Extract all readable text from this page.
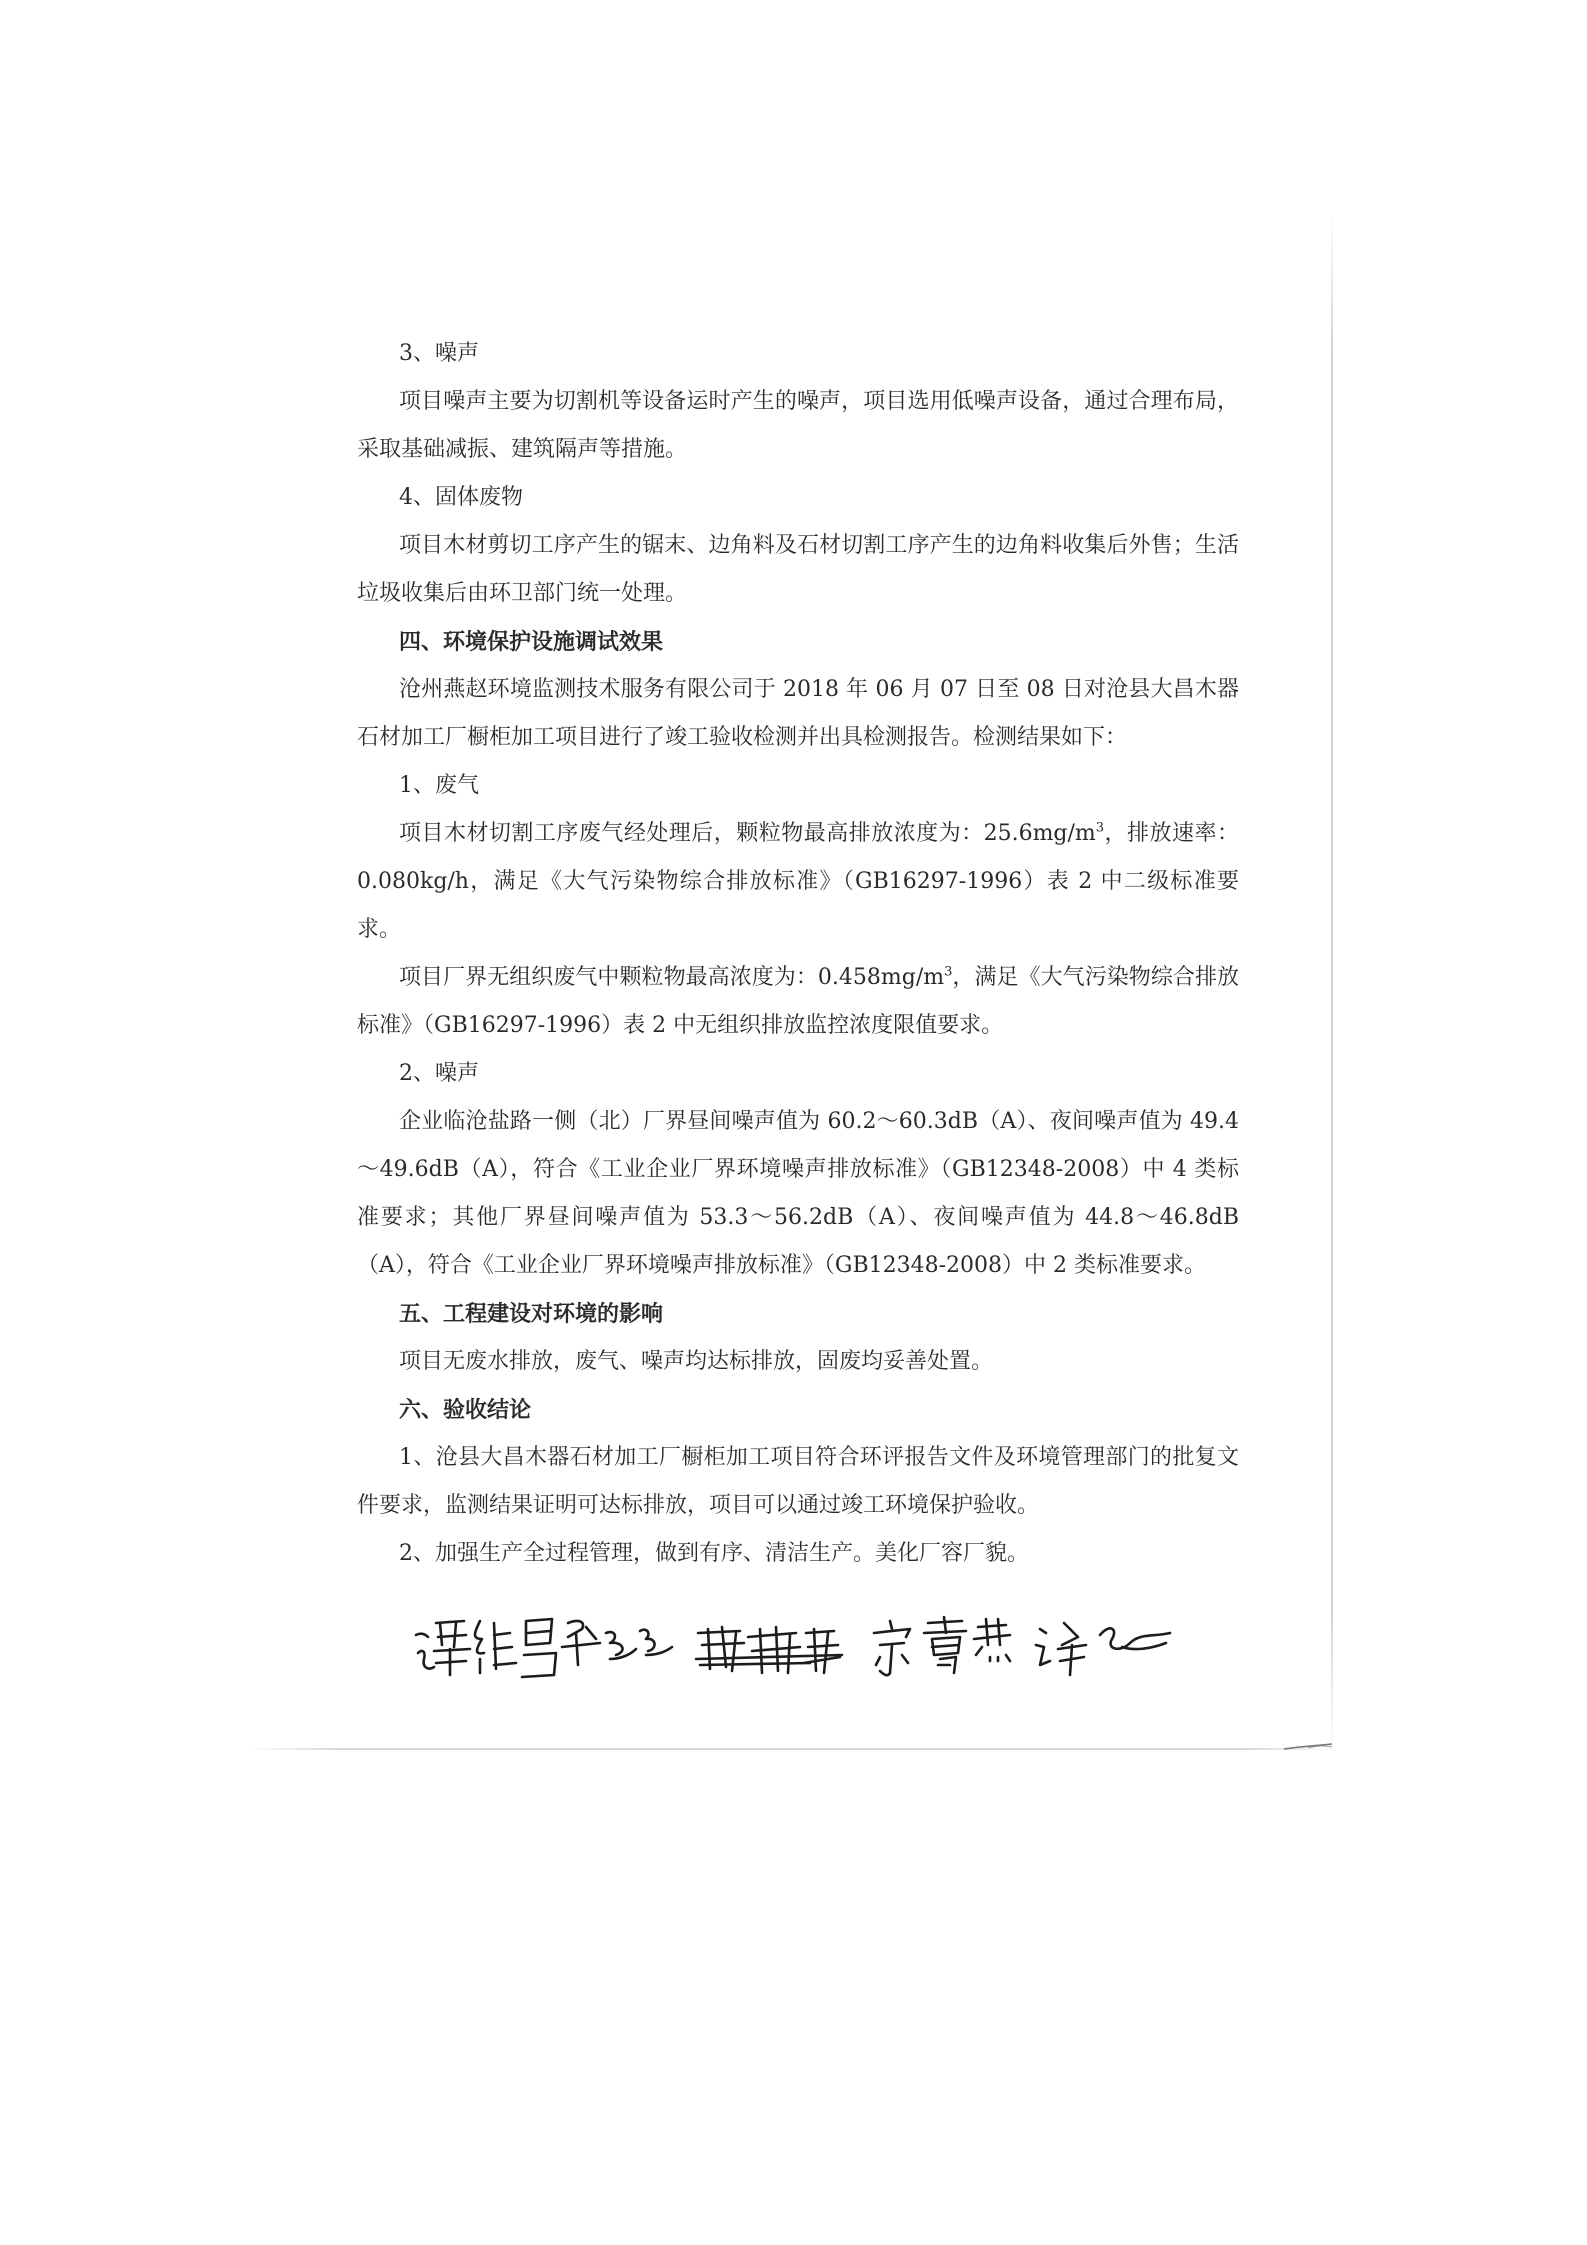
3、噪声

项目噪声主要为切割机等设备运时产生的噪声，项目选用低噪声设备，通过合理布局，采取基础减振、建筑隔声等措施。

4、固体废物

项目木材剪切工序产生的锯末、边角料及石材切割工序产生的边角料收集后外售；生活垃圾收集后由环卫部门统一处理。

四、环境保护设施调试效果

沧州燕赵环境监测技术服务有限公司于 2018 年 06 月 07 日至 08 日对沧县大昌木器石材加工厂橱柜加工项目进行了竣工验收检测并出具检测报告。检测结果如下：

1、废气

项目木材切割工序废气经处理后，颗粒物最高排放浓度为：$25.6mg/m^3$，排放速率：0.080kg/h，满足《大气污染物综合排放标准》（GB16297-1996）表 2 中二级标准要求。

项目厂界无组织废气中颗粒物最高浓度为：$0.458mg/m^3$，满足《大气污染物综合排放标准》（GB16297-1996）表 2 中无组织排放监控浓度限值要求。

2、噪声

企业临沧盐路一侧（北）厂界昼间噪声值为 60.2～60.3dB（A）、夜间噪声值为 49.4～49.6dB（A），符合《工业企业厂界环境噪声排放标准》（GB12348-2008）中 4 类标准要求；其他厂界昼间噪声值为 53.3～56.2dB（A）、夜间噪声值为 44.8～46.8dB（A），符合《工业企业厂界环境噪声排放标准》（GB12348-2008）中 2 类标准要求。

五、工程建设对环境的影响

项目无废水排放，废气、噪声均达标排放，固废均妥善处置。

六、验收结论

1、沧县大昌木器石材加工厂橱柜加工项目符合环评报告文件及环境管理部门的批复文件要求，监测结果证明可达标排放，项目可以通过竣工环境保护验收。

2、加强生产全过程管理，做到有序、清洁生产。美化厂容厂貌。
